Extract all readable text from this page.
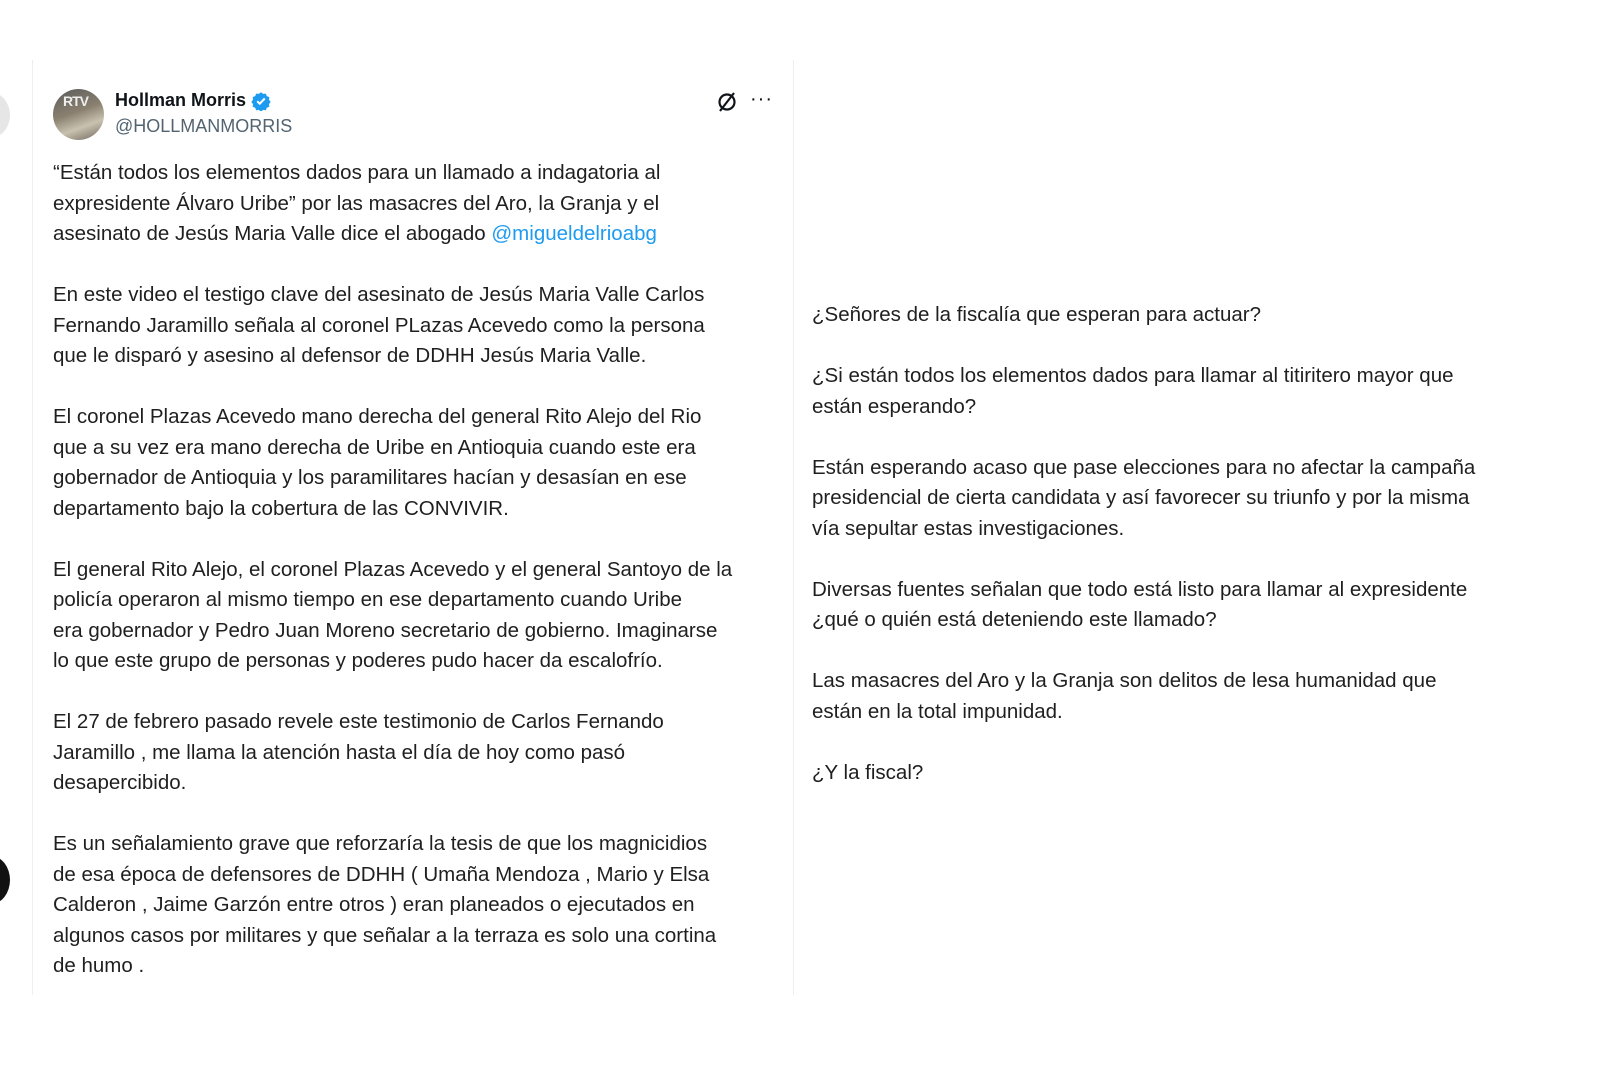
RTV Hollman Morris
@HOLLMANMORRIS
···

“Están todos los elementos dados para un llamado a indagatoria al
expresidente Álvaro Uribe” por las masacres del Aro, la Granja y el
asesinato de Jesús Maria Valle dice el abogado @migueldelrioabg

En este video el testigo clave del asesinato de Jesús Maria Valle Carlos
Fernando Jaramillo señala al coronel PLazas Acevedo como la persona
que le disparó y asesino al defensor de DDHH Jesús Maria Valle.

El coronel Plazas Acevedo mano derecha del general Rito Alejo del Rio
que a su vez era mano derecha de Uribe en Antioquia cuando este era
gobernador de Antioquia y los paramilitares hacían y desasían en ese
departamento bajo la cobertura de las CONVIVIR.

El general Rito Alejo, el coronel Plazas Acevedo y el general Santoyo de la
policía operaron al mismo tiempo en ese departamento cuando Uribe
era gobernador y Pedro Juan Moreno secretario de gobierno. Imaginarse
lo que este grupo de personas y poderes pudo hacer da escalofrío.

El 27 de febrero pasado revele este testimonio de Carlos Fernando
Jaramillo , me llama la atención hasta el día de hoy como pasó
desapercibido.

Es un señalamiento grave que reforzaría la tesis de que los magnicidios
de esa época de defensores de DDHH ( Umaña Mendoza , Mario y Elsa
Calderon , Jaime Garzón entre otros ) eran planeados o ejecutados en
algunos casos por militares y que señalar a la terraza es solo una cortina
de humo .

¿Señores de la fiscalía que esperan para actuar?

¿Si están todos los elementos dados para llamar al titiritero mayor que
están esperando?

Están esperando acaso que pase elecciones para no afectar la campaña
presidencial de cierta candidata y así favorecer su triunfo y por la misma
vía sepultar estas investigaciones.

Diversas fuentes señalan que todo está listo para llamar al expresidente
¿qué o quién está deteniendo este llamado?

Las masacres del Aro y la Granja son delitos de lesa humanidad que
están en la total impunidad.

¿Y la fiscal?
